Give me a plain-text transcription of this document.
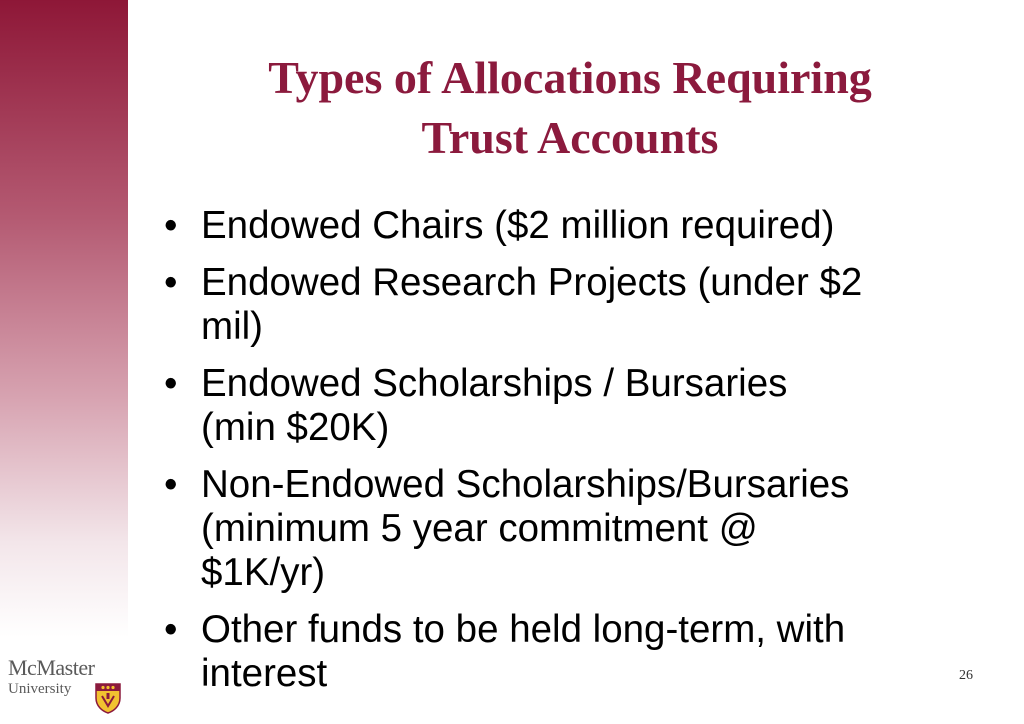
Types of Allocations Requiring
Trust Accounts
• Endowed Chairs ($2 million required)
• Endowed Research Projects (under $2
mil)
• Endowed Scholarships / Bursaries
(min $20K)
• Non-Endowed Scholarships/Bursaries
(minimum 5 year commitment @
$1K/yr)
• Other funds to be held long-term, with
interest	26
McMaster
University
